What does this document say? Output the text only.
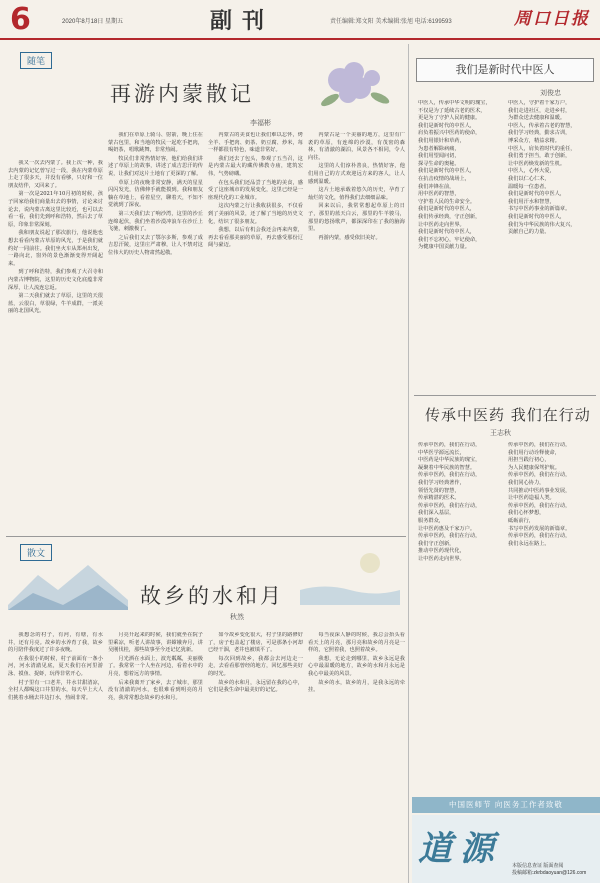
6	2020年8月18日 星期五	副刊	责任编辑:郑文阳 美术编辑:张旭 电话:6199593	周口日报
随笔
再游内蒙散记
李福彬

我又一次去内蒙了。我上次一种，我去内蒙的记忆曾写过一段，我在内蒙草原上走了很多天，并没有看够，只好和一位朋友结伴，又回来了。

第一次是2021年10月初的时候，孩子回家给我们商量出去的事情，讨论来讨论去，说内蒙古离这里比较近，也可以去看一看，我们先到呼和浩特，然后去了草原，印象非常深刻。

我和朋友说起了那次旅行，他说他也想去看看内蒙古草原的风光，于是我们就约好一同前往。我们坐火车从郑州出发，一路向北，窗外的景色渐渐变得开阔起来。

到了呼和浩特，我们参观了大召寺和内蒙古博物院，这里的历史文化底蕴非常深厚，让人流连忘返。

第二天我们就去了草原，这里的天很蓝，云很白，草很绿，牛羊成群，一派美丽的北国风光。

我们在草原上骑马、射箭，晚上住在蒙古包里，和当地的牧民一起吃手把肉，喝奶茶，唱歌跳舞，非常热闹。

牧民们非常热情好客，他们给我们讲述了草原上的故事，讲述了成吉思汗的传说，让我们对这片土地有了更深的了解。

草原上的夜晚非常安静，满天的星星闪闪发光，仿佛伸手就能摸到。我和朋友躺在草地上，看着星空，聊着天，不知不觉就到了深夜。

第三天我们去了响沙湾，这里的沙丘连绵起伏，我们坐着沙漠冲浪车在沙丘上飞驰，刺激极了。

之后我们又去了鄂尔多斯，参观了成吉思汗陵，这里庄严肃穆，让人不禁对这位伟大的历史人物肃然起敬。

内蒙古的美食也让我们难以忘怀，烤全羊、手把肉、奶茶、奶豆腐、炒米，每一样都很有特色，味道非常好。

我们还去了包头，参观了五当召，这是内蒙古最大的藏传佛教寺庙，建筑宏伟，气势磅礴。

在包头我们还品尝了当地的美食，感受了这座城市的发展变化，这里已经是一座现代化的工业城市。

这次内蒙之行让我收获很多，不仅看到了美丽的风景，还了解了当地的历史文化，结识了很多朋友。

我想，以后有机会我还会再来内蒙，再去看看那美丽的草原，再去感受那份辽阔与豪迈。

内蒙古是一个美丽的地方，这里有广袤的草原，有连绵的沙漠，有茂密的森林，有清澈的湖泊，风景各不相同，令人向往。

这里的人们淳朴善良，热情好客，他们用自己的方式欢迎远方来的客人，让人感到温暖。

这片土地承载着悠久的历史，孕育了灿烂的文化，值得我们去细细品味。

回来以后，我常常想起草原上的日子，那里的蓝天白云，那里的牛羊骏马，那里的悠扬歌声，都深深印在了我的脑海里。

再游内蒙，感受依旧美好。

散文
故乡的水和月
秋然

我想念的村子，有河，有塘，有水井，还有月亮。故乡的水养育了我，故乡的月陪伴我度过了许多夜晚。

在我很小的时候，村子前面有一条小河，河水清澈见底，夏天我们在河里游泳、摸鱼、捉虾，玩得非常开心。

村子里有一口老井，井水甘甜清凉，全村人都喝这口井里的水，每天早上大人们挑着水桶去井边打水，热闹非常。

月亮升起来的时候，我们就坐在院子里乘凉，听老人讲故事，讲嫦娥奔月，讲吴刚伐桂，那些故事至今还记忆犹新。

月光洒在水面上，波光粼粼，美丽极了。我常常一个人坐在河边，看着水中的月亮，想着远方的事情。

后来我离开了家乡，去了城市，那里没有清澈的河水，也很难看到明亮的月亮，我常常想念故乡的水和月。

如今故乡变化很大，村子里的路修好了，房子也盖起了楼房，可是那条小河却已经干涸，老井也被填平了。

每次回到故乡，我都会去河边走一走，去看看那曾经的地方，回忆那些美好的时光。

故乡的水和月，永远留在我的心中，它们是我生命中最美好的记忆。

每当夜深人静的时候，我总会抬头看看天上的月亮，那月亮和故乡的月亮是一样的，它照着我，也照着故乡。

我想，无论走到哪里，故乡永远是我心中最温暖的地方，故乡的水和月永远是我心中最美的风景。

故乡的水，故乡的月，是我永远的牵挂。

我们是新时代中医人
刘俊忠
中医人，传承中华文明的瑰宝，
不仅是为了延续古老的医术，
更是为了守护人民的健康。
我们是新时代的中医人，
肩负着振兴中医药的使命，
我们用银针和草药，
为患者解除病痛，
我们用望闻问切，
探寻生命的奥秘。
我们是新时代的中医人，
在抗击疫情的战场上，
我们冲锋在前，
用中医药的智慧，
守护着人民的生命安全。
我们是新时代的中医人，
我们传承经典，守正创新，
让中医药走向世界。
我们是新时代的中医人，
我们不忘初心，牢记使命，
为健康中国贡献力量。
中医人，守护着千家万户，
我们走进社区，走进乡村，
为群众送去健康和温暖。
中医人，传承着古老的智慧，
我们学习经典，勤求古训，
博采众方，精益求精。
中医人，肩负着时代的重任，
我们勇于担当，敢于创新，
让中医药焕发新的生机。
中医人，心怀大爱，
我们以仁心仁术，
温暖每一位患者。
我们是新时代的中医人，
我们用汗水和智慧，
书写中医药事业的新篇章。
我们是新时代的中医人，
我们为中华民族的伟大复兴，
贡献自己的力量。
传承中医药 我们在行动
王志秋
传承中医药，我们在行动，
中华医学源远流长，
中医药是中华民族的瑰宝，
凝聚着中华民族的智慧。
传承中医药，我们在行动，
我们学习经典著作，
领悟先贤的智慧，
传承精湛的医术。
传承中医药，我们在行动，
我们深入基层，
服务群众，
让中医药惠及千家万户。
传承中医药，我们在行动，
我们守正创新，
推动中医药现代化，
让中医药走向世界。
传承中医药，我们在行动，
我们用行动诠释使命，
用担当践行初心，
为人民健康保驾护航。
传承中医药，我们在行动，
我们同心协力，
共同推动中医药事业发展，
让中医药造福人类。
传承中医药，我们在行动，
我们心怀梦想，
砥砺前行，
书写中医药发展的新篇章。
传承中医药，我们在行动，
我们永远在路上。
中国医师节 向医务工作者致敬
道源 本版信息查证 版面查阅
投稿邮箱:zkrbdaoyuan@126.com
